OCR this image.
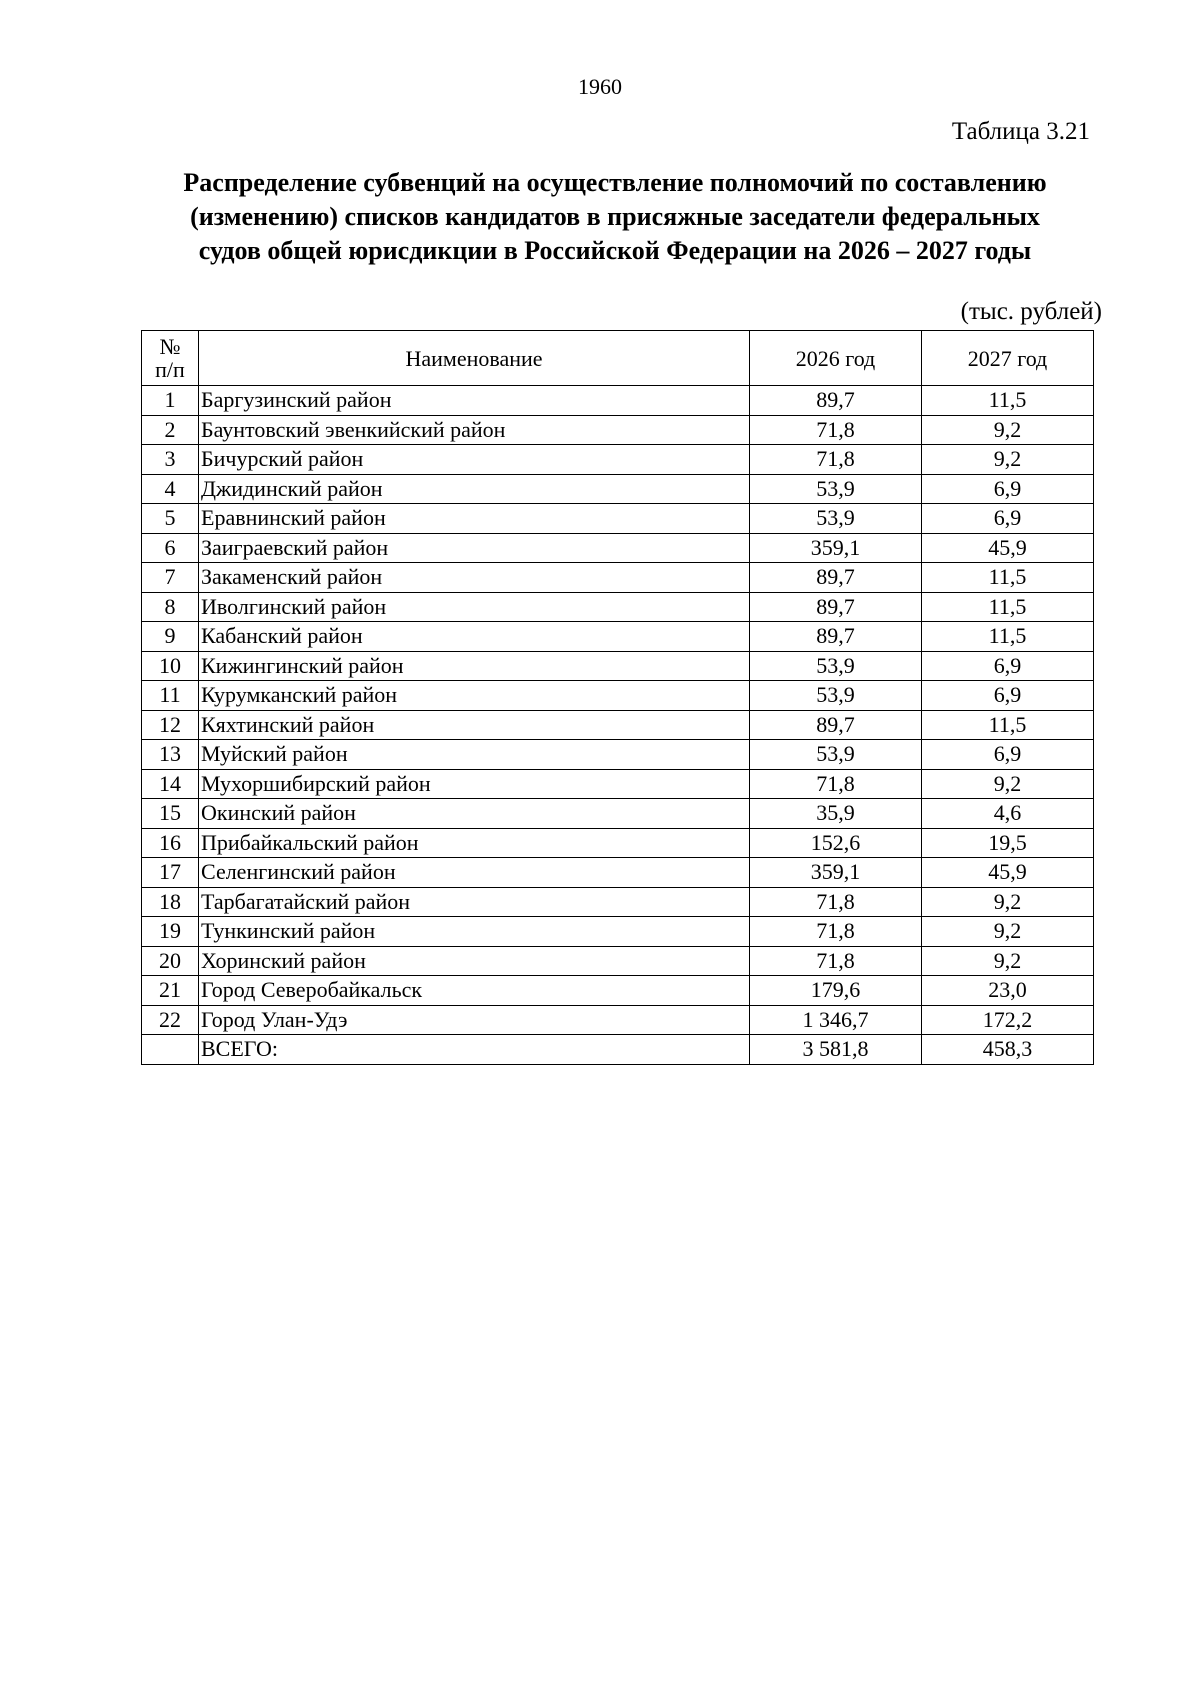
1960
Таблица 3.21
Распределение субвенций на осуществление полномочий по составлению
(изменению) списков кандидатов в присяжные заседатели федеральных
судов общей юрисдикции в Российской Федерации на 2026 – 2027 годы
(тыс. рублей)
№
п/п	Наименование	2026 год	2027 год
1	Баргузинский район	89,7	11,5
2	Баунтовский эвенкийский район	71,8	9,2
3	Бичурский район	71,8	9,2
4	Джидинский район	53,9	6,9
5	Еравнинский район	53,9	6,9
6	Заиграевский район	359,1	45,9
7	Закаменский район	89,7	11,5
8	Иволгинский район	89,7	11,5
9	Кабанский район	89,7	11,5
10	Кижингинский район	53,9	6,9
11	Курумканский район	53,9	6,9
12	Кяхтинский район	89,7	11,5
13	Муйский район	53,9	6,9
14	Мухоршибирский район	71,8	9,2
15	Окинский район	35,9	4,6
16	Прибайкальский район	152,6	19,5
17	Селенгинский район	359,1	45,9
18	Тарбагатайский район	71,8	9,2
19	Тункинский район	71,8	9,2
20	Хоринский район	71,8	9,2
21	Город Северобайкальск	179,6	23,0
22	Город Улан-Удэ	1 346,7	172,2
	ВСЕГО:	3 581,8	458,3
